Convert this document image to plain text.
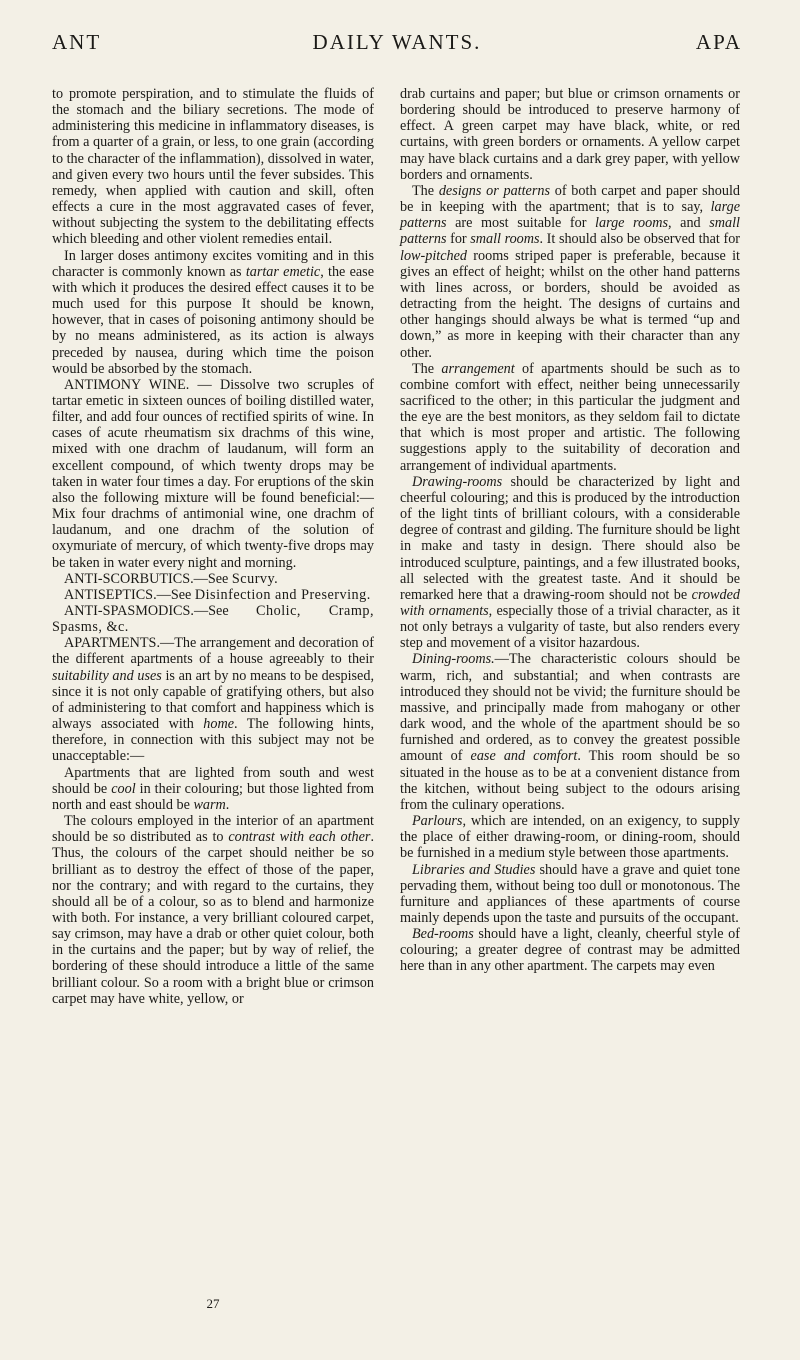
ANT	DAILY WANTS.	APA

to promote perspiration, and to stimulate the fluids of the stomach and the biliary secretions. The mode of administering this medicine in inflammatory diseases, is from a quarter of a grain, or less, to one grain (according to the character of the inflammation), dissolved in water, and given every two hours until the fever subsides. This remedy, when applied with caution and skill, often effects a cure in the most aggravated cases of fever, without subjecting the system to the debilitating effects which bleeding and other violent remedies entail.

In larger doses antimony excites vomiting and in this character is commonly known as tartar emetic, the ease with which it produces the desired effect causes it to be much used for this purpose It should be known, however, that in cases of poisoning antimony should be by no means administered, as its action is always preceded by nausea, during which time the poison would be absorbed by the stomach.

ANTIMONY WINE. — Dissolve two scruples of tartar emetic in sixteen ounces of boiling distilled water, filter, and add four ounces of rectified spirits of wine. In cases of acute rheumatism six drachms of this wine, mixed with one drachm of laudanum, will form an excellent compound, of which twenty drops may be taken in water four times a day. For eruptions of the skin also the following mixture will be found beneficial:—Mix four drachms of antimonial wine, one drachm of laudanum, and one drachm of the solution of oxymuriate of mercury, of which twenty-five drops may be taken in water every night and morning.

ANTI-SCORBUTICS.—See Scurvy.

ANTISEPTICS.—See Disinfection and Preserving.

ANTI-SPASMODICS.—See Cholic, Cramp, Spasms, &c.

APARTMENTS.—The arrangement and decoration of the different apartments of a house agreeably to their suitability and uses is an art by no means to be despised, since it is not only capable of gratifying others, but also of administering to that comfort and happiness which is always associated with home. The following hints, therefore, in connection with this subject may not be unacceptable:—

Apartments that are lighted from south and west should be cool in their colouring; but those lighted from north and east should be warm.

The colours employed in the interior of an apartment should be so distributed as to contrast with each other. Thus, the colours of the carpet should neither be so brilliant as to destroy the effect of those of the paper, nor the contrary; and with regard to the curtains, they should all be of a colour, so as to blend and harmonize with both. For instance, a very brilliant coloured carpet, say crimson, may have a drab or other quiet colour, both in the curtains and the paper; but by way of relief, the bordering of these should introduce a little of the same brilliant colour. So a room with a bright blue or crimson carpet may have white, yellow, or

27

drab curtains and paper; but blue or crimson ornaments or bordering should be introduced to preserve harmony of effect. A green carpet may have black, white, or red curtains, with green borders or ornaments. A yellow carpet may have black curtains and a dark grey paper, with yellow borders and ornaments.

The designs or patterns of both carpet and paper should be in keeping with the apartment; that is to say, large patterns are most suitable for large rooms, and small patterns for small rooms. It should also be observed that for low-pitched rooms striped paper is preferable, because it gives an effect of height; whilst on the other hand patterns with lines across, or borders, should be avoided as detracting from the height. The designs of curtains and other hangings should always be what is termed “up and down,” as more in keeping with their character than any other.

The arrangement of apartments should be such as to combine comfort with effect, neither being unnecessarily sacrificed to the other; in this particular the judgment and the eye are the best monitors, as they seldom fail to dictate that which is most proper and artistic. The following suggestions apply to the suitability of decoration and arrangement of individual apartments.

Drawing-rooms should be characterized by light and cheerful colouring; and this is produced by the introduction of the light tints of brilliant colours, with a considerable degree of contrast and gilding. The furniture should be light in make and tasty in design. There should also be introduced sculpture, paintings, and a few illustrated books, all selected with the greatest taste. And it should be remarked here that a drawing-room should not be crowded with ornaments, especially those of a trivial character, as it not only betrays a vulgarity of taste, but also renders every step and movement of a visitor hazardous.

Dining-rooms.—The characteristic colours should be warm, rich, and substantial; and when contrasts are introduced they should not be vivid; the furniture should be massive, and principally made from mahogany or other dark wood, and the whole of the apartment should be so furnished and ordered, as to convey the greatest possible amount of ease and comfort. This room should be so situated in the house as to be at a convenient distance from the kitchen, without being subject to the odours arising from the culinary operations.

Parlours, which are intended, on an exigency, to supply the place of either drawing-room, or dining-room, should be furnished in a medium style between those apartments.

Libraries and Studies should have a grave and quiet tone pervading them, without being too dull or monotonous. The furniture and appliances of these apartments of course mainly depends upon the taste and pursuits of the occupant.

Bed-rooms should have a light, cleanly, cheerful style of colouring; a greater degree of contrast may be admitted here than in any other apartment. The carpets may even
